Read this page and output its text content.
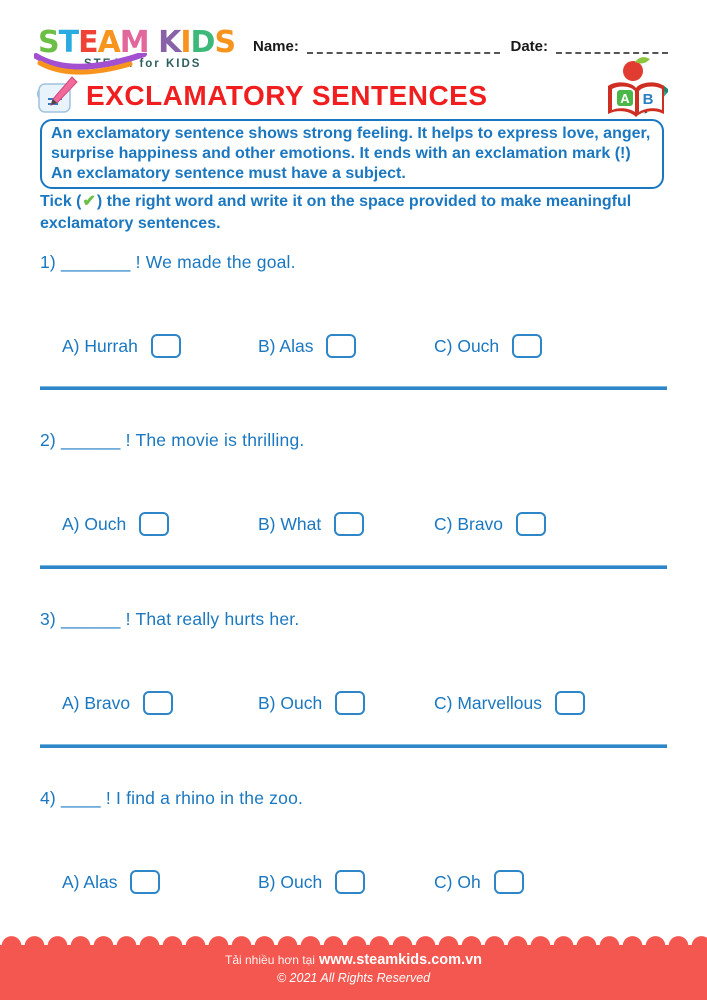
STEAM KIDS
STEAM for KIDS
Name:	Date:
EXCLAMATORY SENTENCES	A B
An exclamatory sentence shows strong feeling. It helps to express love, anger,
surprise happiness and other emotions. It ends with an exclamation mark (!)
An exclamatory sentence must have a subject.
Tick (✔) the right word and write it on the space provided to make meaningful exclamatory sentences.
1) _______ ! We made the goal.
A) Hurrah	B) Alas	C) Ouch
2) ______ ! The movie is thrilling.
A) Ouch	B) What	C) Bravo
3) ______ ! That really hurts her.
A) Bravo	B) Ouch	C) Marvellous
4) ____ ! I find a rhino in the zoo.
A) Alas	B) Ouch	C) Oh
Tải nhiều hơn tại www.steamkids.com.vn
© 2021 All Rights Reserved
